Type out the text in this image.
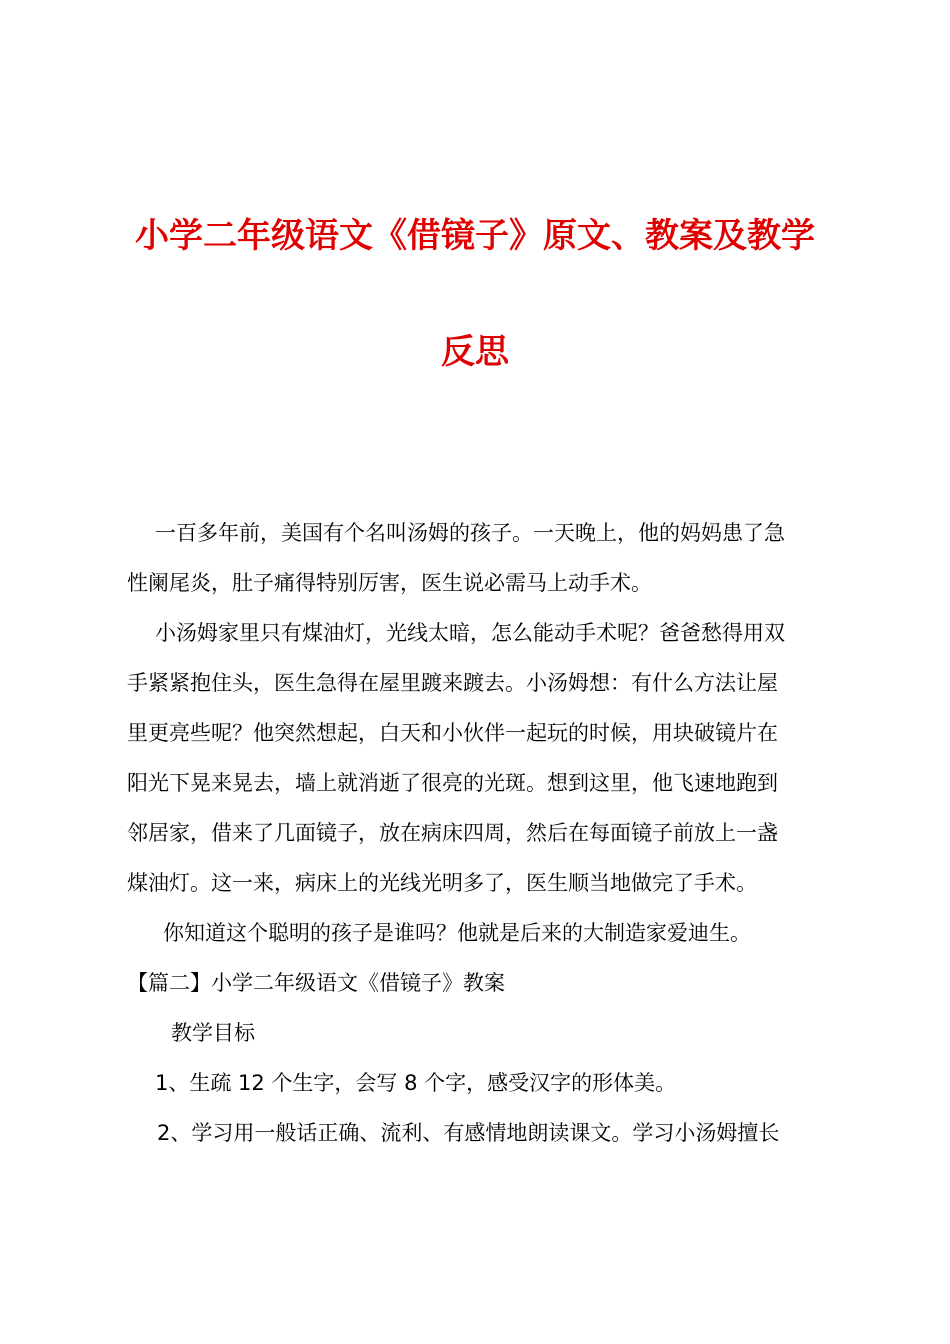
小学二年级语文《借镜子》原文、教案及教学
反思

一百多年前，美国有个名叫汤姆的孩子。一天晚上，他的妈妈患了急
性阑尾炎，肚子痛得特别厉害，医生说必需马上动手术。

小汤姆家里只有煤油灯，光线太暗，怎么能动手术呢？爸爸愁得用双
手紧紧抱住头，医生急得在屋里踱来踱去。小汤姆想：有什么方法让屋
里更亮些呢？他突然想起，白天和小伙伴一起玩的时候，用块破镜片在
阳光下晃来晃去，墙上就消逝了很亮的光斑。想到这里，他飞速地跑到
邻居家，借来了几面镜子，放在病床四周，然后在每面镜子前放上一盏
煤油灯。这一来，病床上的光线光明多了，医生顺当地做完了手术。

你知道这个聪明的孩子是谁吗？他就是后来的大制造家爱迪生。

【篇二】小学二年级语文《借镜子》教案

教学目标

1、生疏 12 个生字，会写 8 个字，感受汉字的形体美。

2、学习用一般话正确、流利、有感情地朗读课文。学习小汤姆擅长
